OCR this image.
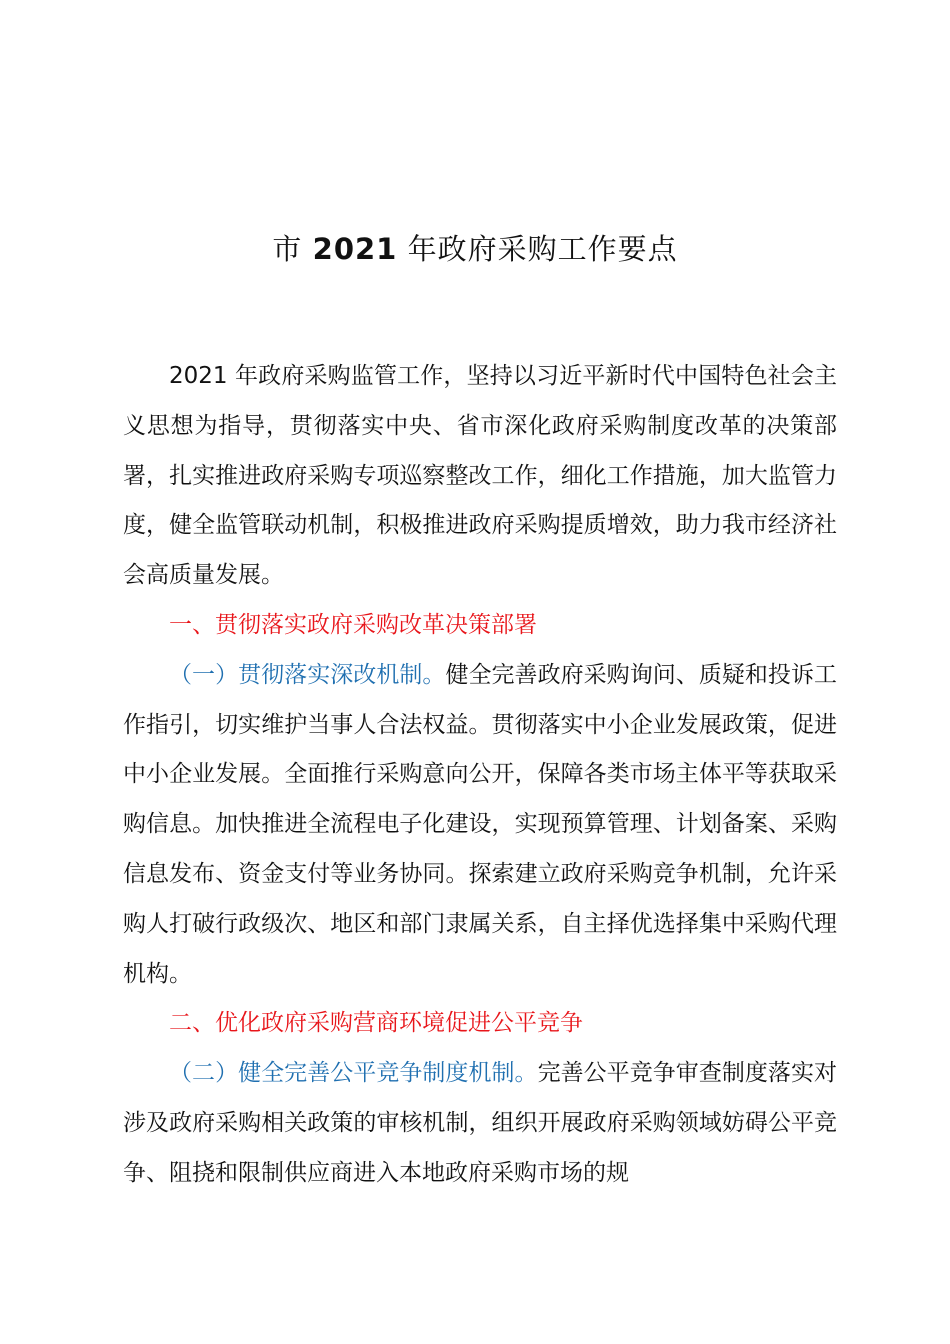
市 2021 年政府采购工作要点

2021 年政府采购监管工作，坚持以习近平新时代中国特色社会主义思想为指导，贯彻落实中央、省市深化政府采购制度改革的决策部署，扎实推进政府采购专项巡察整改工作，细化工作措施，加大监管力度，健全监管联动机制，积极推进政府采购提质增效，助力我市经济社会高质量发展。

一、贯彻落实政府采购改革决策部署

（一）贯彻落实深改机制。健全完善政府采购询问、质疑和投诉工作指引，切实维护当事人合法权益。贯彻落实中小企业发展政策，促进中小企业发展。全面推行采购意向公开，保障各类市场主体平等获取采购信息。加快推进全流程电子化建设，实现预算管理、计划备案、采购信息发布、资金支付等业务协同。探索建立政府采购竞争机制，允许采购人打破行政级次、地区和部门隶属关系，自主择优选择集中采购代理机构。

二、优化政府采购营商环境促进公平竞争

（二）健全完善公平竞争制度机制。完善公平竞争审查制度落实对涉及政府采购相关政策的审核机制，组织开展政府采购领域妨碍公平竞争、阻挠和限制供应商进入本地政府采购市场的规
